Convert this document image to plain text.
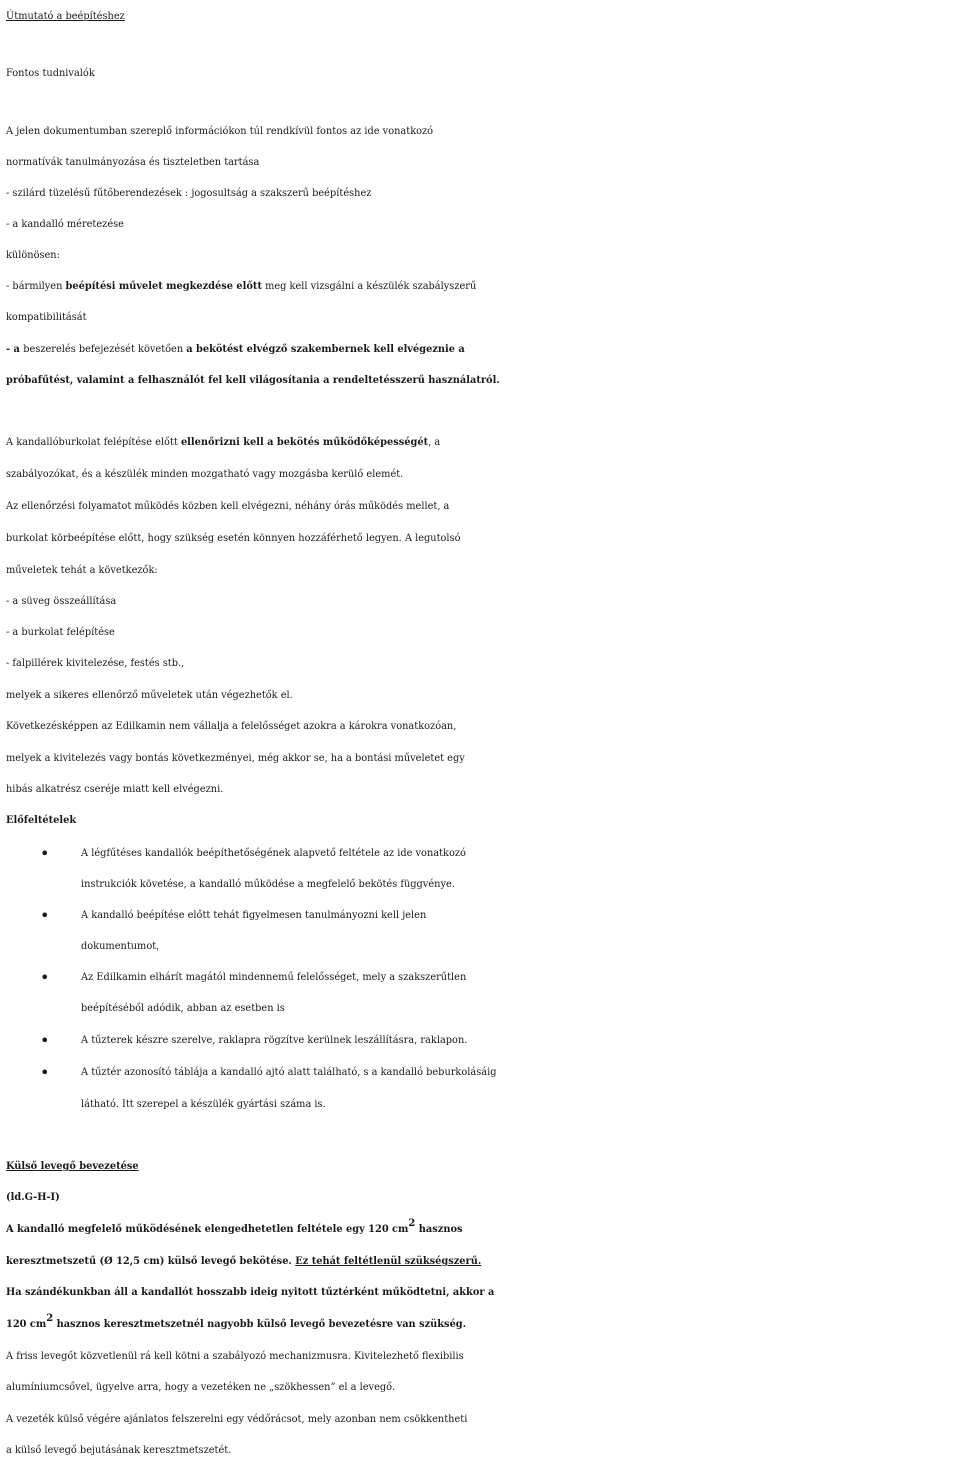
Útmutató a beépítéshez
Fontos tudnivalók
A jelen dokumentumban szereplő információkon túl rendkívül fontos az ide vonatkozó
normatívák tanulmányozása és tiszteletben tartása
- szilárd tüzelésű fűtőberendezések : jogosultság a szakszerű beépítéshez
- a kandalló méretezése
különösen:
- bármilyen beépítési művelet megkezdése előtt meg kell vizsgálni a készülék szabályszerű
kompatibilitását
- a beszerelés befejezését követően a bekötést elvégző szakembernek kell elvégeznie a
próbafűtést, valamint a felhasználót fel kell világosítania a rendeltetésszerű használatról.
A kandallóburkolat felépítése előtt ellenőrizni kell a bekötés működőképességét, a
szabályozókat, és a készülék minden mozgatható vagy mozgásba kerülő elemét.
Az ellenőrzési folyamatot működés közben kell elvégezni, néhány órás működés mellet, a
burkolat körbeépítése előtt, hogy szükség esetén könnyen hozzáférhető legyen. A legutolsó
műveletek tehát a következők:
- a süveg összeállítása
- a burkolat felépítése
- falpillérek kivitelezése, festés stb.,
melyek a sikeres ellenőrző műveletek után végezhetők el.
Következésképpen az Edilkamin nem vállalja a felelősséget azokra a károkra vonatkozóan,
melyek a kivitelezés vagy bontás következményei, még akkor se, ha a bontási műveletet egy
hibás alkatrész cseréje miatt kell elvégezni.
Előfeltételek
•	A légfűtéses kandallók beépíthetőségének alapvető feltétele az ide vonatkozó
instrukciók követése, a kandalló működése a megfelelő bekötés függvénye.
•	A kandalló beépítése előtt tehát figyelmesen tanulmányozni kell jelen
dokumentumot,
•	Az Edilkamin elhárít magától mindennemű felelősséget, mely a szakszerűtlen
beépítéséből adódik, abban az esetben is
•	A tűzterek készre szerelve, raklapra rögzítve kerülnek leszállításra, raklapon.
•	A tűztér azonosító táblája a kandalló ajtó alatt található, s a kandalló beburkolásáig
látható. Itt szerepel a készülék gyártási száma is.
Külső levegő bevezetése
(ld.G-H-I)
A kandalló megfelelő működésének elengedhetetlen feltétele egy 120 $cm^2$ hasznos
keresztmetszetű (Ø 12,5 cm) külső levegő bekötése. Ez tehát feltétlenül szükségszerű.
Ha szándékunkban áll a kandallót hosszabb ideig nyitott tűztérként működtetni, akkor a
120 $cm^2$ hasznos keresztmetszetnél nagyobb külső levegő bevezetésre van szükség.
A friss levegőt közvetlenül rá kell kötni a szabályozó mechanizmusra. Kivitelezhető flexibilis
alumíniumcsővel, ügyelve arra, hogy a vezetéken ne „szökhessen” el a levegő.
A vezeték külső végére ajánlatos felszerelni egy védőrácsot, mely azonban nem csökkentheti
a külső levegő bejutásának keresztmetszetét.
